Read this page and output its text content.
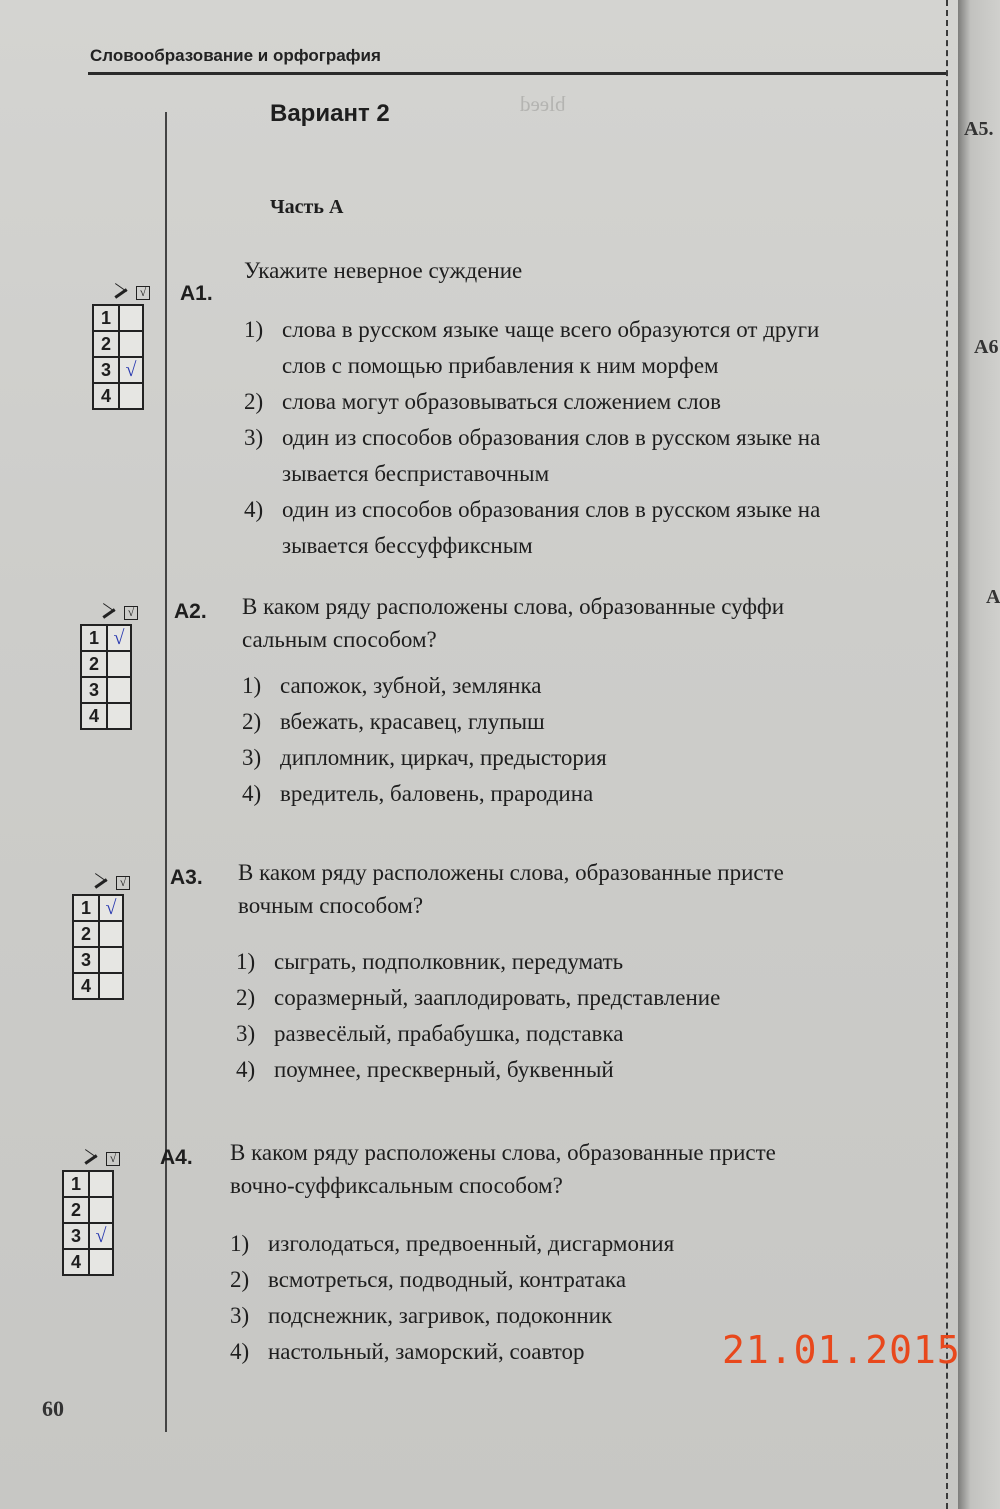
bleed
Словообразование и орфография
Вариант 2
Часть А
√
1
2
3 √
4
А1.
Укажите неверное суждение
1) слова в русском языке чаще всего образуются от други
слов с помощью прибавления к ним морфем
2) слова могут образовываться сложением слов
3) один из способов образования слов в русском языке на
зывается бесприставочным
4) один из способов образования слов в русском языке на
зывается бессуффиксным
√
1 √
2
3
4
А2. В каком ряду расположены слова, образованные суффи
сальным способом?
1) сапожок, зубной, землянка
2) вбежать, красавец, глупыш
3) дипломник, циркач, предыстория
4) вредитель, баловень, прародина
√
1 √
2
3
4
А3. В каком ряду расположены слова, образованные присте
вочным способом?
1) сыграть, подполковник, передумать
2) соразмерный, зааплодировать, представление
3) развесёлый, прабабушка, подставка
4) поумнее, прескверный, буквенный
√
1
2
3 √
4
А4. В каком ряду расположены слова, образованные присте
вочно-суффиксальным способом?
1) изголодаться, предвоенный, дисгармония
2) всмотреться, подводный, контратака
3) подснежник, загривок, подоконник
4) настольный, заморский, соавтор
60
А5.
А6
А
21.01.2015
